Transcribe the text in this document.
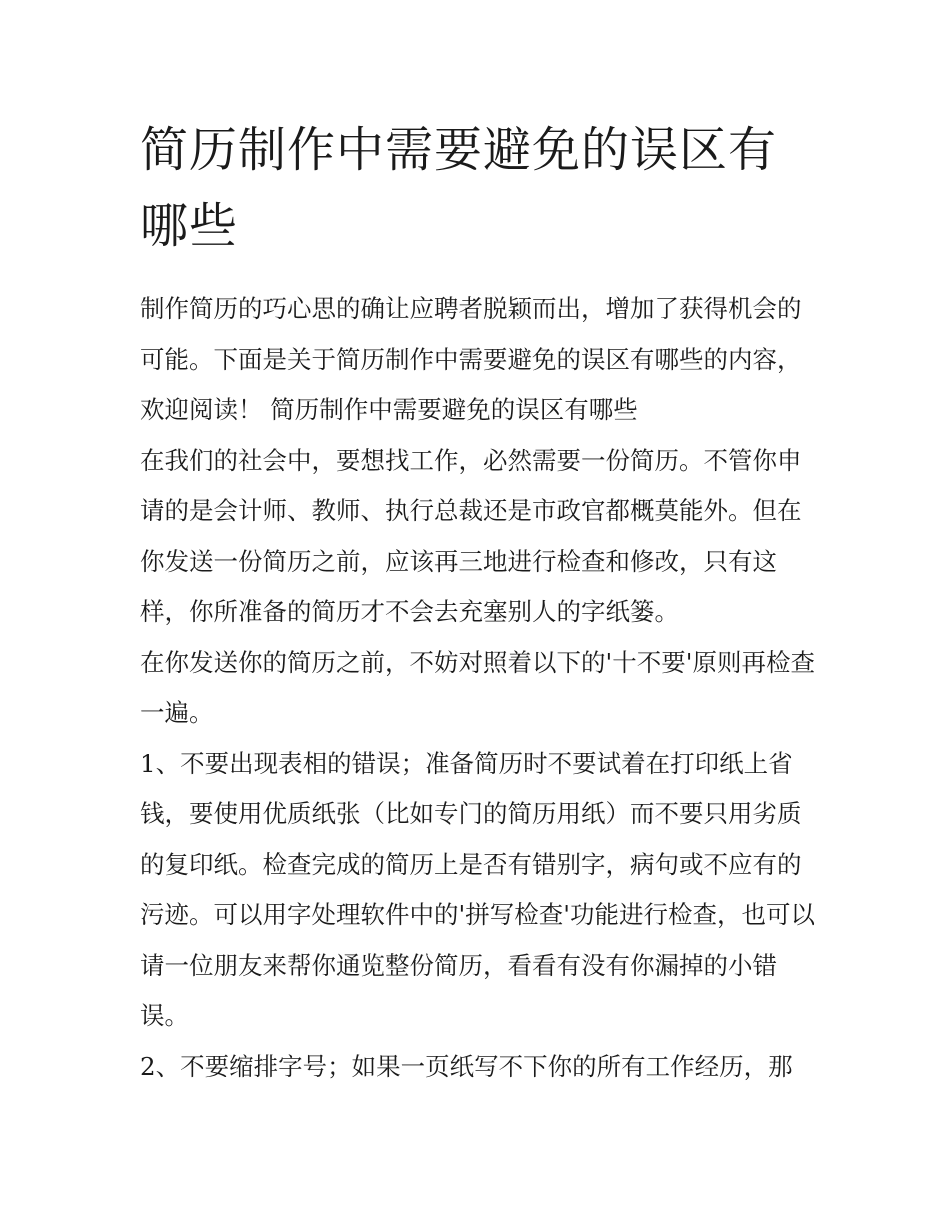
简历制作中需要避免的误区有哪些

制作简历的巧心思的确让应聘者脱颖而出，增加了获得机会的可能。下面是关于简历制作中需要避免的误区有哪些的内容，欢迎阅读！ 简历制作中需要避免的误区有哪些

在我们的社会中，要想找工作，必然需要一份简历。不管你申请的是会计师、教师、执行总裁还是市政官都概莫能外。但在你发送一份简历之前，应该再三地进行检查和修改，只有这样，你所准备的简历才不会去充塞别人的字纸篓。

在你发送你的简历之前，不妨对照着以下的'十不要'原则再检查一遍。

1、不要出现表相的错误；准备简历时不要试着在打印纸上省钱，要使用优质纸张（比如专门的简历用纸）而不要只用劣质的复印纸。检查完成的简历上是否有错别字，病句或不应有的污迹。可以用字处理软件中的'拼写检查'功能进行检查，也可以请一位朋友来帮你通览整份简历，看看有没有你漏掉的小错误。

2、不要缩排字号；如果一页纸写不下你的所有工作经历，那
